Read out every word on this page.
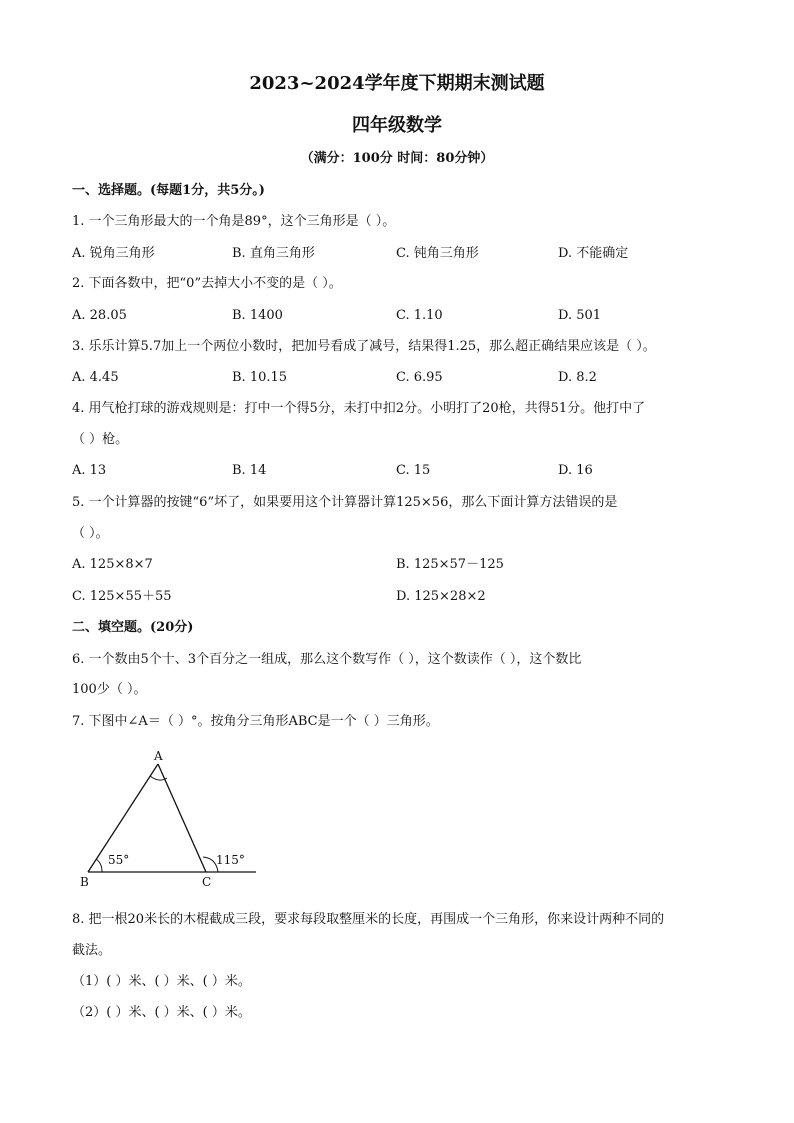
2023~2024学年度下期期末测试题
四年级数学
（满分：100分 时间：80分钟）
一、选择题。(每题1分，共5分。)
1. 一个三角形最大的一个角是89°，这个三角形是（ ）。
A. 锐角三角形	B. 直角三角形	C. 钝角三角形	D. 不能确定
2. 下面各数中，把“0”去掉大小不变的是（ ）。
A. 28.05	B. 1400	C. 1.10	D. 501
3. 乐乐计算5.7加上一个两位小数时，把加号看成了减号，结果得1.25，那么超正确结果应该是（ ）。
A. 4.45	B. 10.15	C. 6.95	D. 8.2
4. 用气枪打球的游戏规则是：打中一个得5分，未打中扣2分。小明打了20枪，共得51分。他打中了
（ ）枪。
A. 13	B. 14	C. 15	D. 16
5. 一个计算器的按键“6”坏了，如果要用这个计算器计算125×56，那么下面计算方法错误的是
（ ）。
A. 125×8×7	B. 125×57－125
C. 125×55＋55	D. 125×28×2
二、填空题。(20分)
6. 一个数由5个十、3个百分之一组成，那么这个数写作（ ），这个数读作（ ），这个数比
100少（ ）。
7. 下图中∠A＝（ ）°。按角分三角形ABC是一个（ ）三角形。
A
B	C
55°	115°
8. 把一根20米长的木棍截成三段，要求每段取整厘米的长度，再围成一个三角形，你来设计两种不同的
截法。
（1）( ）米、( ）米、( ）米。
（2）( ）米、( ）米、( ）米。
